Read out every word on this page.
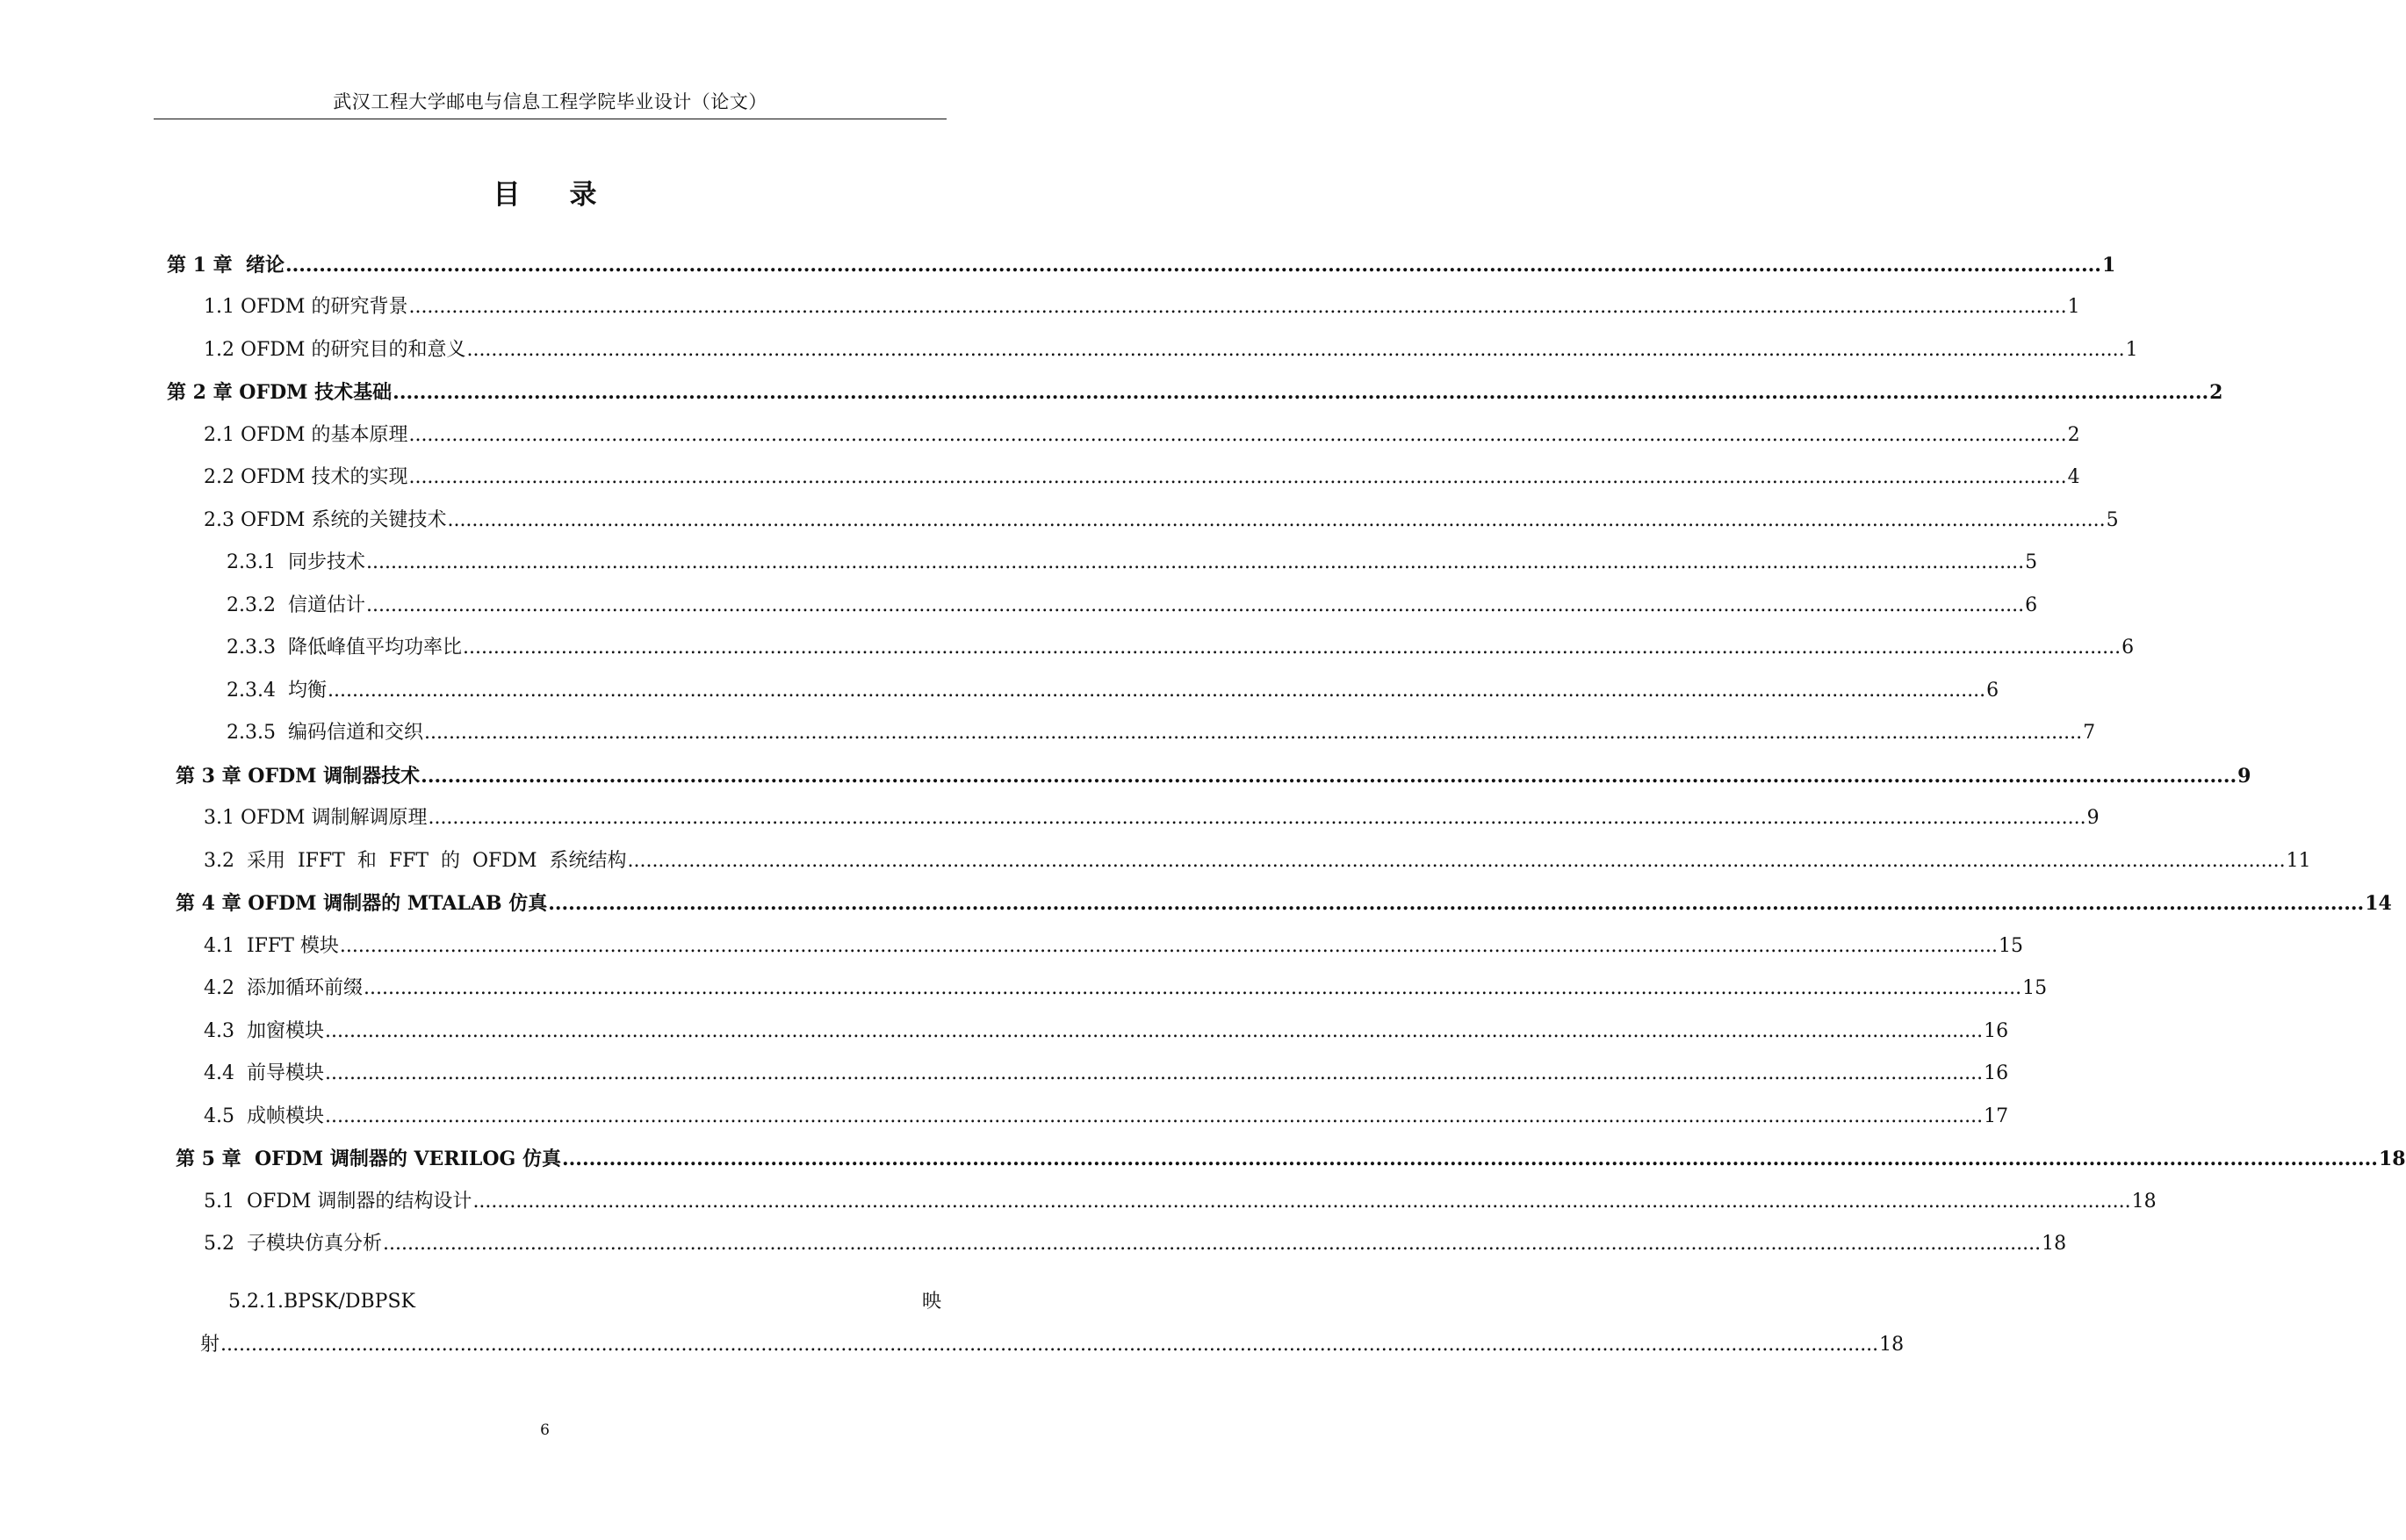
武汉工程大学邮电与信息工程学院毕业设计（论文）
目录
第 1 章  绪论 .............................................................................................................................................................................................................................................................................. 1
1.1 OFDM 的研究背景 .............................................................................................................................................................................................................................................................................. 1
1.2 OFDM 的研究目的和意义 .............................................................................................................................................................................................................................................................................. 1
第 2 章 OFDM 技术基础 .............................................................................................................................................................................................................................................................................. 2
2.1 OFDM 的基本原理 .............................................................................................................................................................................................................................................................................. 2
2.2 OFDM 技术的实现 .............................................................................................................................................................................................................................................................................. 4
2.3 OFDM 系统的关键技术 .............................................................................................................................................................................................................................................................................. 5
2.3.1  同步技术 .............................................................................................................................................................................................................................................................................. 5
2.3.2  信道估计 .............................................................................................................................................................................................................................................................................. 6
2.3.3  降低峰值平均功率比 .............................................................................................................................................................................................................................................................................. 6
2.3.4  均衡 .............................................................................................................................................................................................................................................................................. 6
2.3.5  编码信道和交织 .............................................................................................................................................................................................................................................................................. 7
第 3 章 OFDM 调制器技术 .............................................................................................................................................................................................................................................................................. 9
3.1 OFDM 调制解调原理 .............................................................................................................................................................................................................................................................................. 9
3.2  采用  IFFT  和  FFT  的  OFDM  系统结构 .............................................................................................................................................................................................................................................................................. 11
第 4 章 OFDM 调制器的 MTALAB 仿真 .............................................................................................................................................................................................................................................................................. 14
4.1  IFFT 模块 .............................................................................................................................................................................................................................................................................. 15
4.2  添加循环前缀 .............................................................................................................................................................................................................................................................................. 15
4.3  加窗模块 .............................................................................................................................................................................................................................................................................. 16
4.4  前导模块 .............................................................................................................................................................................................................................................................................. 16
4.5  成帧模块 .............................................................................................................................................................................................................................................................................. 17
第 5 章  OFDM 调制器的 VERILOG 仿真 .............................................................................................................................................................................................................................................................................. 18
5.1  OFDM 调制器的结构设计 .............................................................................................................................................................................................................................................................................. 18
5.2  子模块仿真分析 .............................................................................................................................................................................................................................................................................. 18
5.2.1.BPSK/DBPSK	映
射 .............................................................................................................................................................................................................................................................................. 18
6
